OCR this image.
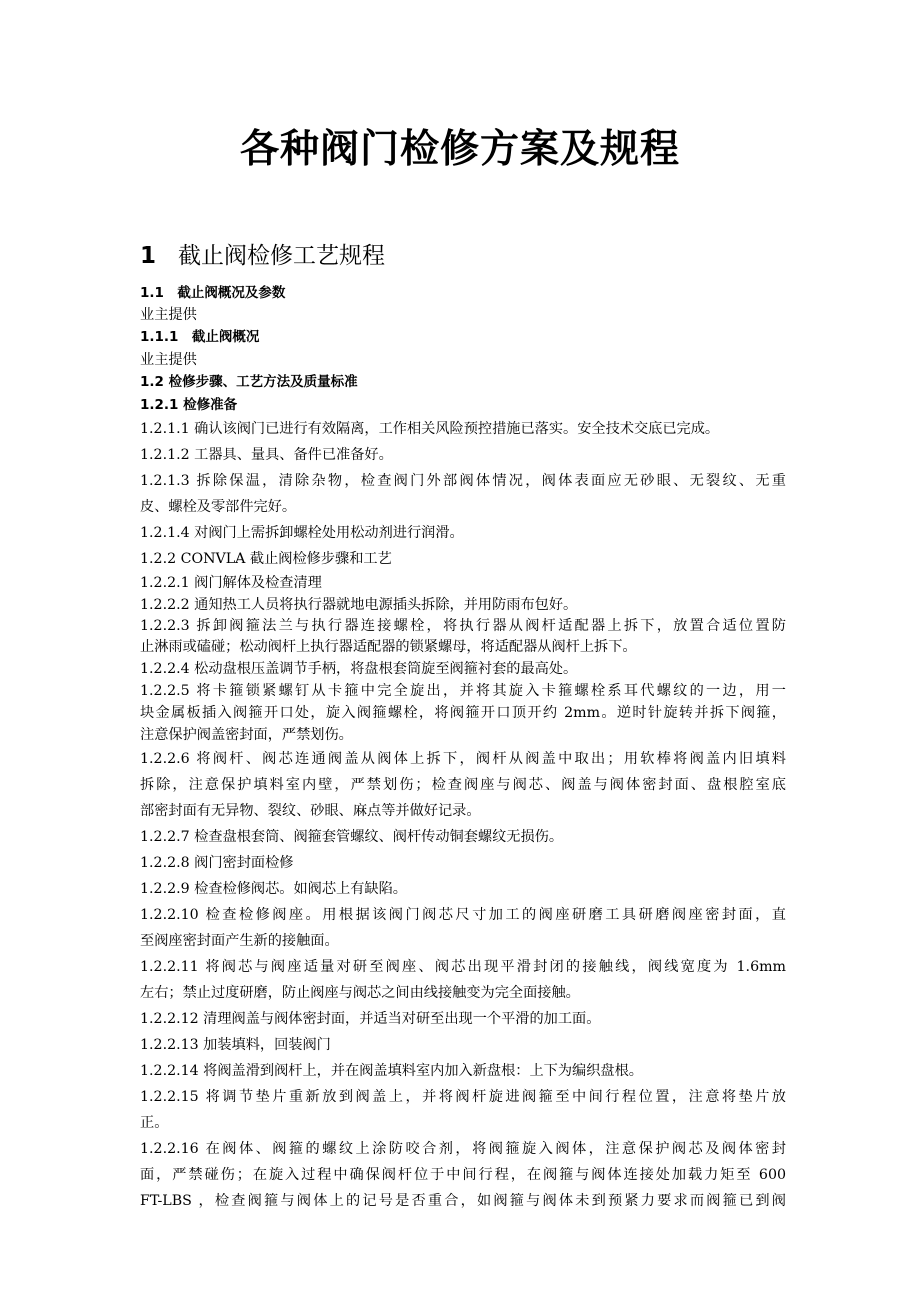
各种阀门检修方案及规程
1 截止阀检修工艺规程
1.1　截止阀概况及参数
业主提供
1.1.1　截止阀概况
业主提供
1.2 检修步骤、工艺方法及质量标准
1.2.1 检修准备
1.2.1.1 确认该阀门已进行有效隔离，工作相关风险预控措施已落实。安全技术交底已完成。
1.2.1.2 工器具、量具、备件已准备好。
1.2.1.3 拆除保温，清除杂物，检查阀门外部阀体情况，阀体表面应无砂眼、无裂纹、无重
皮、螺栓及零部件完好。
1.2.1.4 对阀门上需拆卸螺栓处用松动剂进行润滑。
1.2.2 CONVLA 截止阀检修步骤和工艺
1.2.2.1 阀门解体及检查清理
1.2.2.2 通知热工人员将执行器就地电源插头拆除，并用防雨布包好。
1.2.2.3 拆卸阀箍法兰与执行器连接螺栓，将执行器从阀杆适配器上拆下，放置合适位置防
止淋雨或磕碰；松动阀杆上执行器适配器的锁紧螺母，将适配器从阀杆上拆下。
1.2.2.4 松动盘根压盖调节手柄，将盘根套筒旋至阀箍衬套的最高处。
1.2.2.5 将卡箍锁紧螺钉从卡箍中完全旋出，并将其旋入卡箍螺栓系耳代螺纹的一边，用一
块金属板插入阀箍开口处，旋入阀箍螺栓，将阀箍开口顶开约 2mm。逆时针旋转并拆下阀箍，
注意保护阀盖密封面，严禁划伤。
1.2.2.6 将阀杆、阀芯连通阀盖从阀体上拆下，阀杆从阀盖中取出；用软棒将阀盖内旧填料
拆除，注意保护填料室内壁，严禁划伤；检查阀座与阀芯、阀盖与阀体密封面、盘根腔室底
部密封面有无异物、裂纹、砂眼、麻点等并做好记录。
1.2.2.7 检查盘根套筒、阀箍套管螺纹、阀杆传动铜套螺纹无损伤。
1.2.2.8 阀门密封面检修
1.2.2.9 检查检修阀芯。如阀芯上有缺陷。
1.2.2.10 检查检修阀座。用根据该阀门阀芯尺寸加工的阀座研磨工具研磨阀座密封面，直
至阀座密封面产生新的接触面。
1.2.2.11 将阀芯与阀座适量对研至阀座、阀芯出现平滑封闭的接触线，阀线宽度为 1.6mm
左右；禁止过度研磨，防止阀座与阀芯之间由线接触变为完全面接触。
1.2.2.12 清理阀盖与阀体密封面，并适当对研至出现一个平滑的加工面。
1.2.2.13 加装填料，回装阀门
1.2.2.14 将阀盖滑到阀杆上，并在阀盖填料室内加入新盘根：上下为编织盘根。
1.2.2.15 将调节垫片重新放到阀盖上，并将阀杆旋进阀箍至中间行程位置，注意将垫片放
正。
1.2.2.16 在阀体、阀箍的螺纹上涂防咬合剂，将阀箍旋入阀体，注意保护阀芯及阀体密封
面，严禁碰伤；在旋入过程中确保阀杆位于中间行程，在阀箍与阀体连接处加载力矩至 600
FT-LBS ，检查阀箍与阀体上的记号是否重合，如阀箍与阀体未到预紧力要求而阀箍已到阀
